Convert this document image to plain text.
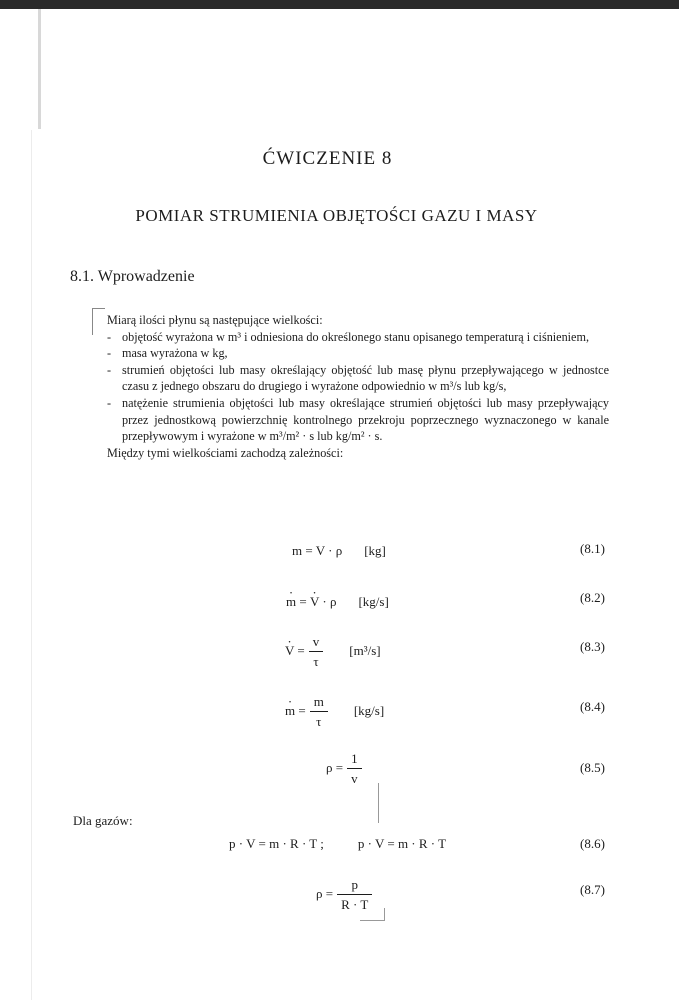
ĆWICZENIE 8
POMIAR STRUMIENIA OBJĘTOŚCI GAZU I MASY
8.1. Wprowadzenie

Miarą ilości płynu są następujące wielkości:

- objętość wyrażona w m³ i odniesiona do określonego stanu opisanego temperaturą i ciśnieniem,
- masa wyrażona w kg,
- strumień objętości lub masy określający objętość lub masę płynu przepływającego w jednostce czasu z jednego obszaru do drugiego i wyrażone odpowiednio w m³/s lub kg/s,
- natężenie strumienia objętości lub masy określające strumień objętości lub masy przepływający przez jednostkową powierzchnię kontrolnego przekroju poprzecznego wyznaczonego w kanale przepływowym i wyrażone w m³/m² · s lub kg/m² · s.

Między tymi wielkościami zachodzą zależności:

m = V · ρ [kg]	(8.1)
· m = · V · ρ [kg/s]	(8.2)
· $V = \frac{v}{\tau} [m^3/s]$	(8.3)
· $m = \frac{m}{\tau} [kg/s]$	(8.4)
$\rho = \frac{1}{v}$	(8.5)
Dla gazów:
p · V = m · R · T ;	p · V = m · R · T	(8.6)
$\rho = \frac{p}{R \cdot T}$	(8.7)
